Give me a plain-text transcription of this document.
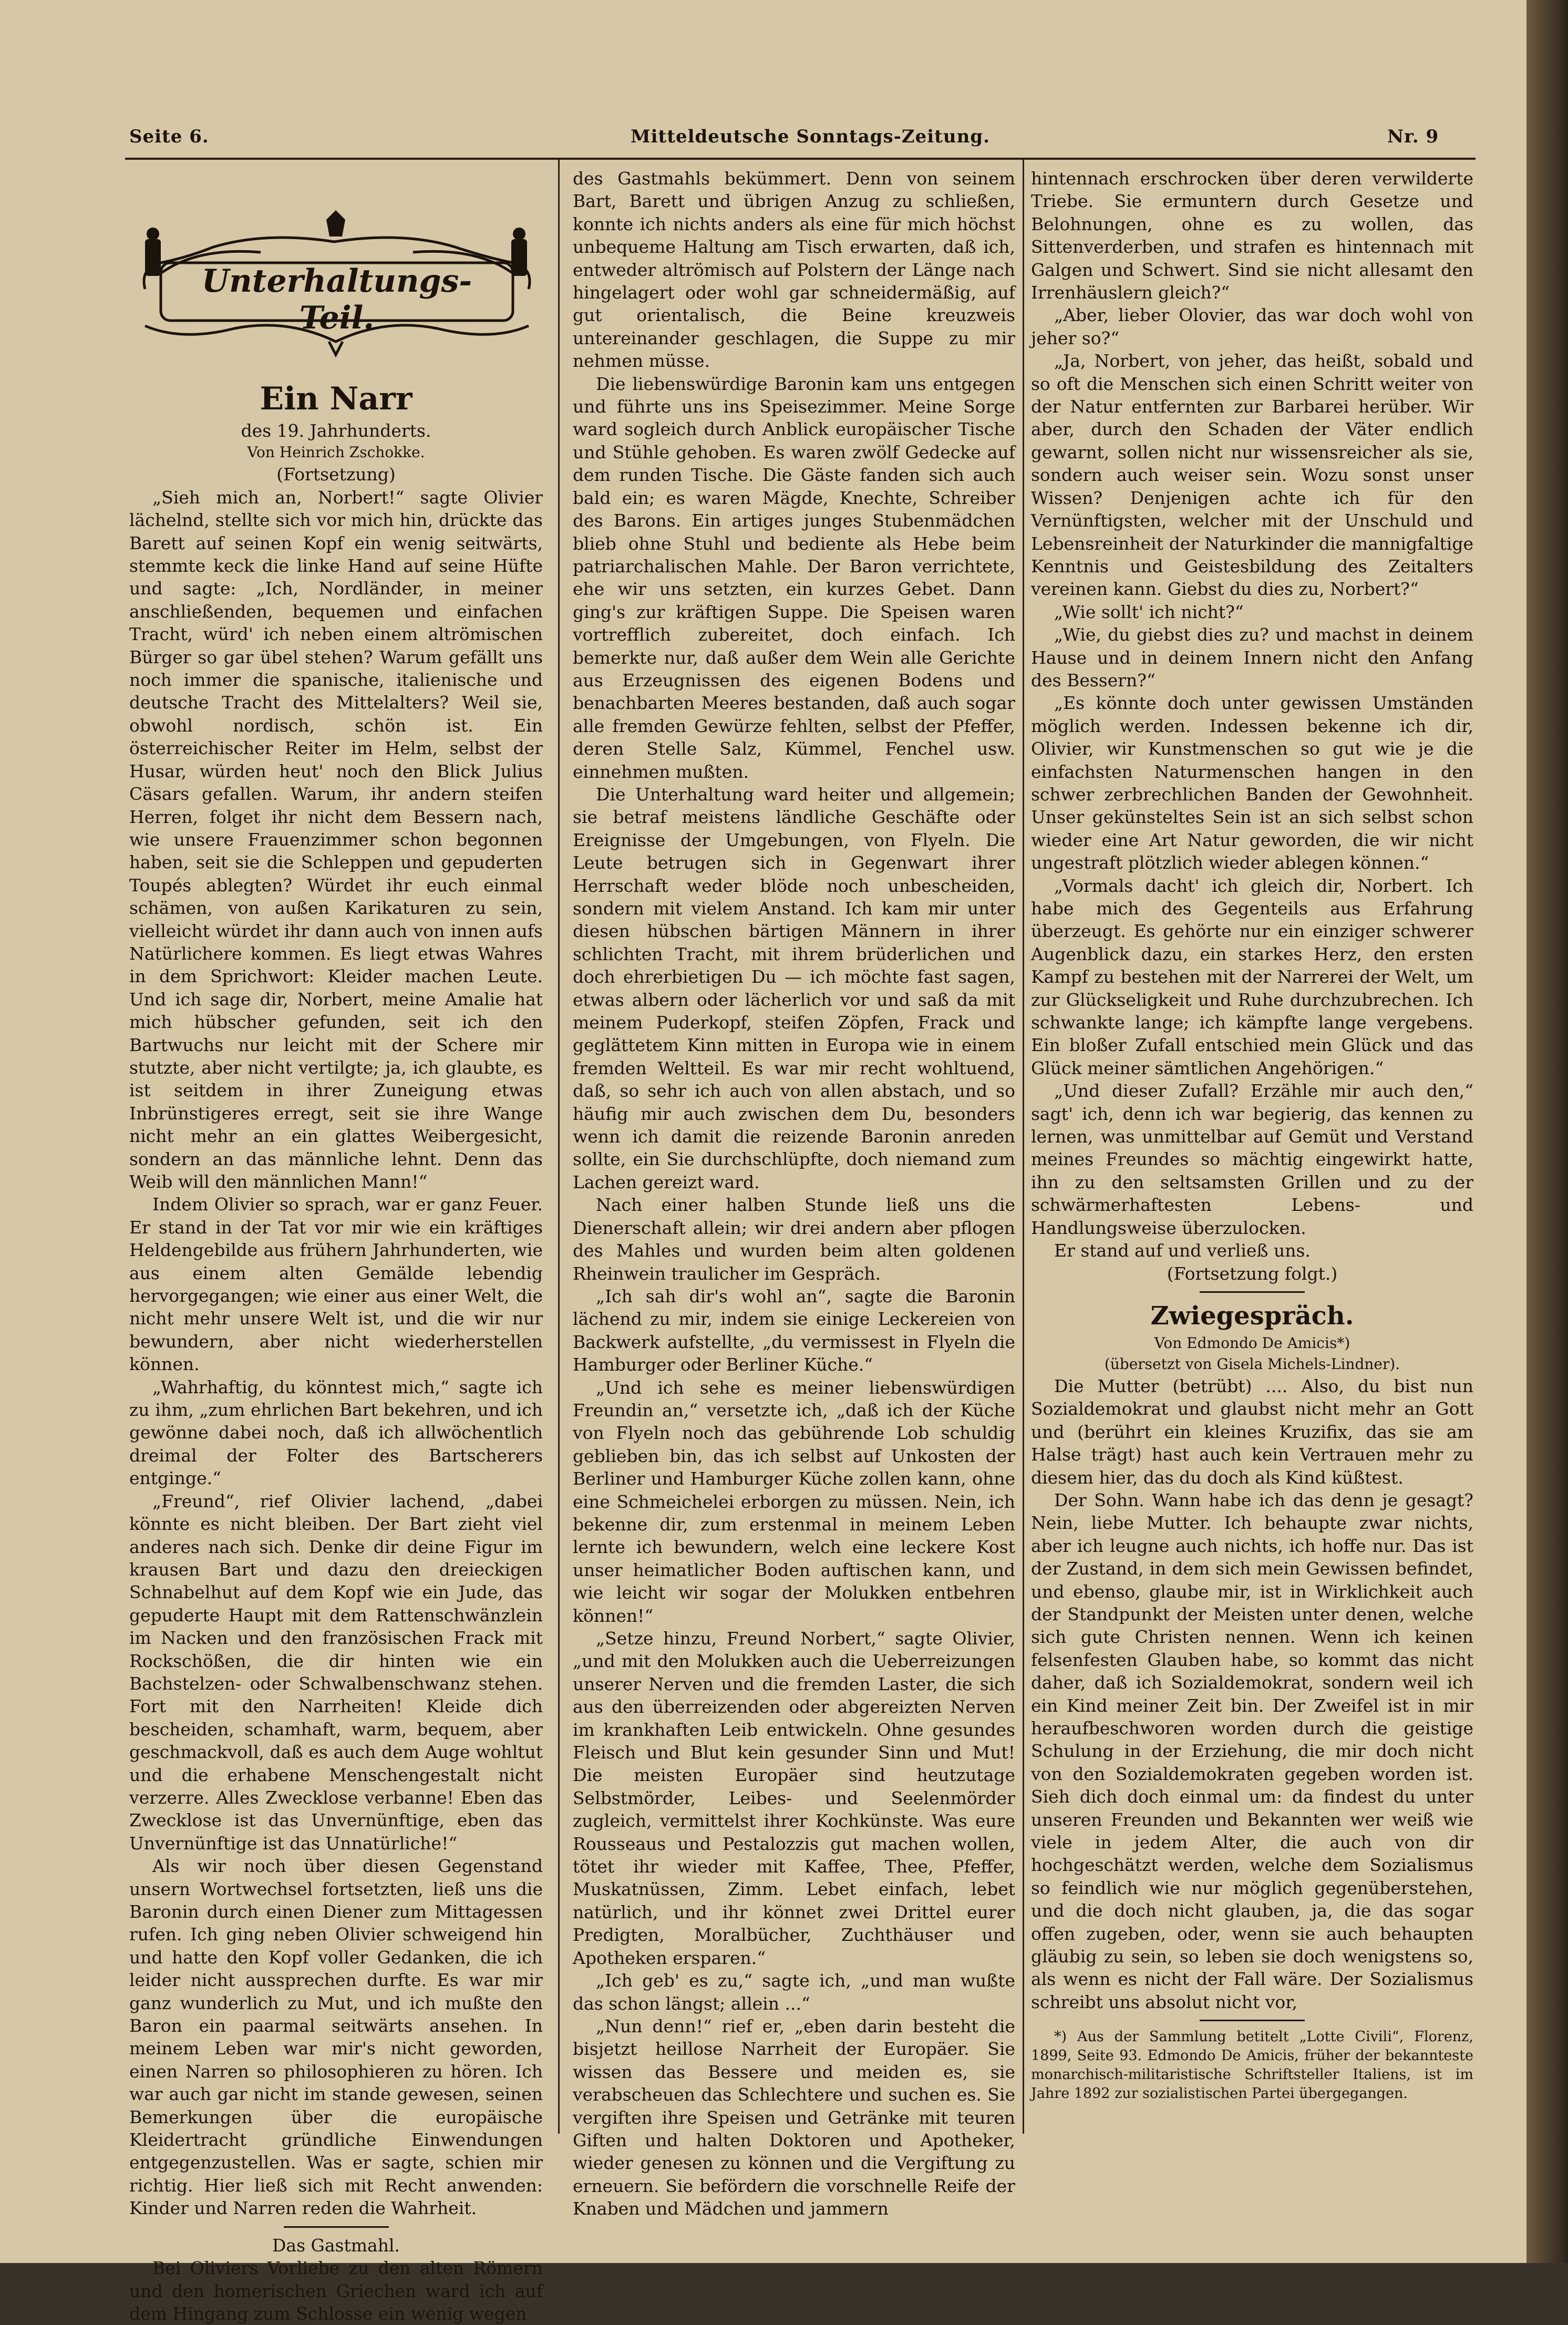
Seite 6.	Mitteldeutsche Sonntags-Zeitung.	Nr. 9
Unterhaltungs-Teil.

Ein Narr

des 19. Jahrhunderts.

Von Heinrich Zschokke.

(Fortsetzung)

„Sieh mich an, Norbert!“ sagte Olivier lächelnd, stellte sich vor mich hin, drückte das Barett auf seinen Kopf ein wenig seitwärts, stemmte keck die linke Hand auf seine Hüfte und sagte: „Ich, Nordländer, in meiner anschließenden, bequemen und einfachen Tracht, würd' ich neben einem altrömischen Bürger so gar übel stehen? Warum gefällt uns noch immer die spanische, italienische und deutsche Tracht des Mittelalters? Weil sie, obwohl nordisch, schön ist. Ein österreichischer Reiter im Helm, selbst der Husar, würden heut' noch den Blick Julius Cäsars gefallen. Warum, ihr andern steifen Herren, folget ihr nicht dem Bessern nach, wie unsere Frauenzimmer schon begonnen haben, seit sie die Schleppen und gepuderten Toupés ablegten? Würdet ihr euch einmal schämen, von außen Karikaturen zu sein, vielleicht würdet ihr dann auch von innen aufs Natürlichere kommen. Es liegt etwas Wahres in dem Sprichwort: Kleider machen Leute. Und ich sage dir, Norbert, meine Amalie hat mich hübscher gefunden, seit ich den Bartwuchs nur leicht mit der Schere mir stutzte, aber nicht vertilgte; ja, ich glaubte, es ist seitdem in ihrer Zuneigung etwas Inbrünstigeres erregt, seit sie ihre Wange nicht mehr an ein glattes Weibergesicht, sondern an das männliche lehnt. Denn das Weib will den männlichen Mann!“

Indem Olivier so sprach, war er ganz Feuer. Er stand in der Tat vor mir wie ein kräftiges Heldengebilde aus frühern Jahrhunderten, wie aus einem alten Gemälde lebendig hervorgegangen; wie einer aus einer Welt, die nicht mehr unsere Welt ist, und die wir nur bewundern, aber nicht wiederherstellen können.

„Wahrhaftig, du könntest mich,“ sagte ich zu ihm, „zum ehrlichen Bart bekehren, und ich gewönne dabei noch, daß ich allwöchentlich dreimal der Folter des Bartscherers entginge.“

„Freund“, rief Olivier lachend, „dabei könnte es nicht bleiben. Der Bart zieht viel anderes nach sich. Denke dir deine Figur im krausen Bart und dazu den dreieckigen Schnabelhut auf dem Kopf wie ein Jude, das gepuderte Haupt mit dem Rattenschwänzlein im Nacken und den französischen Frack mit Rockschößen, die dir hinten wie ein Bachstelzen- oder Schwalbenschwanz stehen. Fort mit den Narrheiten! Kleide dich bescheiden, schamhaft, warm, bequem, aber geschmackvoll, daß es auch dem Auge wohltut und die erhabene Menschengestalt nicht verzerre. Alles Zwecklose verbanne! Eben das Zwecklose ist das Unvernünftige, eben das Unvernünftige ist das Unnatürliche!“

Als wir noch über diesen Gegenstand unsern Wortwechsel fortsetzten, ließ uns die Baronin durch einen Diener zum Mittagessen rufen. Ich ging neben Olivier schweigend hin und hatte den Kopf voller Gedanken, die ich leider nicht aussprechen durfte. Es war mir ganz wunderlich zu Mut, und ich mußte den Baron ein paarmal seitwärts ansehen. In meinem Leben war mir's nicht geworden, einen Narren so philosophieren zu hören. Ich war auch gar nicht im stande gewesen, seinen Bemerkungen über die europäische Kleidertracht gründliche Einwendungen entgegenzustellen. Was er sagte, schien mir richtig. Hier ließ sich mit Recht anwenden: Kinder und Narren reden die Wahrheit.

Das Gastmahl.

Bei Oliviers Vorliebe zu den alten Römern und den homerischen Griechen ward ich auf dem Hingang zum Schlosse ein wenig wegen

des Gastmahls bekümmert. Denn von seinem Bart, Barett und übrigen Anzug zu schließen, konnte ich nichts anders als eine für mich höchst unbequeme Haltung am Tisch erwarten, daß ich, entweder altrömisch auf Polstern der Länge nach hingelagert oder wohl gar schneidermäßig, auf gut orientalisch, die Beine kreuzweis untereinander geschlagen, die Suppe zu mir nehmen müsse.

Die liebenswürdige Baronin kam uns entgegen und führte uns ins Speisezimmer. Meine Sorge ward sogleich durch Anblick europäischer Tische und Stühle gehoben. Es waren zwölf Gedecke auf dem runden Tische. Die Gäste fanden sich auch bald ein; es waren Mägde, Knechte, Schreiber des Barons. Ein artiges junges Stubenmädchen blieb ohne Stuhl und bediente als Hebe beim patriarchalischen Mahle. Der Baron verrichtete, ehe wir uns setzten, ein kurzes Gebet. Dann ging's zur kräftigen Suppe. Die Speisen waren vortrefflich zubereitet, doch einfach. Ich bemerkte nur, daß außer dem Wein alle Gerichte aus Erzeugnissen des eigenen Bodens und benachbarten Meeres bestanden, daß auch sogar alle fremden Gewürze fehlten, selbst der Pfeffer, deren Stelle Salz, Kümmel, Fenchel usw. einnehmen mußten.

Die Unterhaltung ward heiter und allgemein; sie betraf meistens ländliche Geschäfte oder Ereignisse der Umgebungen, von Flyeln. Die Leute betrugen sich in Gegenwart ihrer Herrschaft weder blöde noch unbescheiden, sondern mit vielem Anstand. Ich kam mir unter diesen hübschen bärtigen Männern in ihrer schlichten Tracht, mit ihrem brüderlichen und doch ehrerbietigen Du — ich möchte fast sagen, etwas albern oder lächerlich vor und saß da mit meinem Puderkopf, steifen Zöpfen, Frack und geglättetem Kinn mitten in Europa wie in einem fremden Weltteil. Es war mir recht wohltuend, daß, so sehr ich auch von allen abstach, und so häufig mir auch zwischen dem Du, besonders wenn ich damit die reizende Baronin anreden sollte, ein Sie durchschlüpfte, doch niemand zum Lachen gereizt ward.

Nach einer halben Stunde ließ uns die Dienerschaft allein; wir drei andern aber pflogen des Mahles und wurden beim alten goldenen Rheinwein traulicher im Gespräch.

„Ich sah dir's wohl an“, sagte die Baronin lächend zu mir, indem sie einige Leckereien von Backwerk aufstellte, „du vermissest in Flyeln die Hamburger oder Berliner Küche.“

„Und ich sehe es meiner liebenswürdigen Freundin an,“ versetzte ich, „daß ich der Küche von Flyeln noch das gebührende Lob schuldig geblieben bin, das ich selbst auf Unkosten der Berliner und Hamburger Küche zollen kann, ohne eine Schmeichelei erborgen zu müssen. Nein, ich bekenne dir, zum erstenmal in meinem Leben lernte ich bewundern, welch eine leckere Kost unser heimatlicher Boden auftischen kann, und wie leicht wir sogar der Molukken entbehren können!“

„Setze hinzu, Freund Norbert,“ sagte Olivier, „und mit den Molukken auch die Ueberreizungen unserer Nerven und die fremden Laster, die sich aus den überreizenden oder abgereizten Nerven im krankhaften Leib entwickeln. Ohne gesundes Fleisch und Blut kein gesunder Sinn und Mut! Die meisten Europäer sind heutzutage Selbstmörder, Leibes- und Seelenmörder zugleich, vermittelst ihrer Kochkünste. Was eure Rousseaus und Pestalozzis gut machen wollen, tötet ihr wieder mit Kaffee, Thee, Pfeffer, Muskatnüssen, Zimm. Lebet einfach, lebet natürlich, und ihr könnet zwei Drittel eurer Predigten, Moralbücher, Zuchthäuser und Apotheken ersparen.“

„Ich geb' es zu,“ sagte ich, „und man wußte das schon längst; allein ...“

„Nun denn!“ rief er, „eben darin besteht die bisjetzt heillose Narrheit der Europäer. Sie wissen das Bessere und meiden es, sie verabscheuen das Schlechtere und suchen es. Sie vergiften ihre Speisen und Getränke mit teuren Giften und halten Doktoren und Apotheker, wieder genesen zu können und die Vergiftung zu erneuern. Sie befördern die vorschnelle Reife der Knaben und Mädchen und jammern

hintennach erschrocken über deren verwilderte Triebe. Sie ermuntern durch Gesetze und Belohnungen, ohne es zu wollen, das Sittenverderben, und strafen es hintennach mit Galgen und Schwert. Sind sie nicht allesamt den Irrenhäuslern gleich?“

„Aber, lieber Olovier, das war doch wohl von jeher so?“

„Ja, Norbert, von jeher, das heißt, sobald und so oft die Menschen sich einen Schritt weiter von der Natur entfernten zur Barbarei herüber. Wir aber, durch den Schaden der Väter endlich gewarnt, sollen nicht nur wissensreicher als sie, sondern auch weiser sein. Wozu sonst unser Wissen? Denjenigen achte ich für den Vernünftigsten, welcher mit der Unschuld und Lebensreinheit der Naturkinder die mannigfaltige Kenntnis und Geistesbildung des Zeitalters vereinen kann. Giebst du dies zu, Norbert?“

„Wie sollt' ich nicht?“

„Wie, du giebst dies zu? und machst in deinem Hause und in deinem Innern nicht den Anfang des Bessern?“

„Es könnte doch unter gewissen Umständen möglich werden. Indessen bekenne ich dir, Olivier, wir Kunstmenschen so gut wie je die einfachsten Naturmenschen hangen in den schwer zerbrechlichen Banden der Gewohnheit. Unser gekünsteltes Sein ist an sich selbst schon wieder eine Art Natur geworden, die wir nicht ungestraft plötzlich wieder ablegen können.“

„Vormals dacht' ich gleich dir, Norbert. Ich habe mich des Gegenteils aus Erfahrung überzeugt. Es gehörte nur ein einziger schwerer Augenblick dazu, ein starkes Herz, den ersten Kampf zu bestehen mit der Narrerei der Welt, um zur Glückseligkeit und Ruhe durchzubrechen. Ich schwankte lange; ich kämpfte lange vergebens. Ein bloßer Zufall entschied mein Glück und das Glück meiner sämtlichen Angehörigen.“

„Und dieser Zufall? Erzähle mir auch den,“ sagt' ich, denn ich war begierig, das kennen zu lernen, was unmittelbar auf Gemüt und Verstand meines Freundes so mächtig eingewirkt hatte, ihn zu den seltsamsten Grillen und zu der schwärmerhaftesten Lebens- und Handlungsweise überzulocken.

Er stand auf und verließ uns.

(Fortsetzung folgt.)

Zwiegespräch.

Von Edmondo De Amicis*)

(übersetzt von Gisela Michels-Lindner).

Die Mutter (betrübt) .... Also, du bist nun Sozialdemokrat und glaubst nicht mehr an Gott und (berührt ein kleines Kruzifix, das sie am Halse trägt) hast auch kein Vertrauen mehr zu diesem hier, das du doch als Kind küßtest.

Der Sohn. Wann habe ich das denn je gesagt? Nein, liebe Mutter. Ich behaupte zwar nichts, aber ich leugne auch nichts, ich hoffe nur. Das ist der Zustand, in dem sich mein Gewissen befindet, und ebenso, glaube mir, ist in Wirklichkeit auch der Standpunkt der Meisten unter denen, welche sich gute Christen nennen. Wenn ich keinen felsenfesten Glauben habe, so kommt das nicht daher, daß ich Sozialdemokrat, sondern weil ich ein Kind meiner Zeit bin. Der Zweifel ist in mir heraufbeschworen worden durch die geistige Schulung in der Erziehung, die mir doch nicht von den Sozialdemokraten gegeben worden ist. Sieh dich doch einmal um: da findest du unter unseren Freunden und Bekannten wer weiß wie viele in jedem Alter, die auch von dir hochgeschätzt werden, welche dem Sozialismus so feindlich wie nur möglich gegenüberstehen, und die doch nicht glauben, ja, die das sogar offen zugeben, oder, wenn sie auch behaupten gläubig zu sein, so leben sie doch wenigstens so, als wenn es nicht der Fall wäre. Der Sozialismus schreibt uns absolut nicht vor,

*) Aus der Sammlung betitelt „Lotte Civili“, Florenz, 1899, Seite 93. Edmondo De Amicis, früher der bekannteste monarchisch-militaristische Schriftsteller Italiens, ist im Jahre 1892 zur sozialistischen Partei übergegangen.
